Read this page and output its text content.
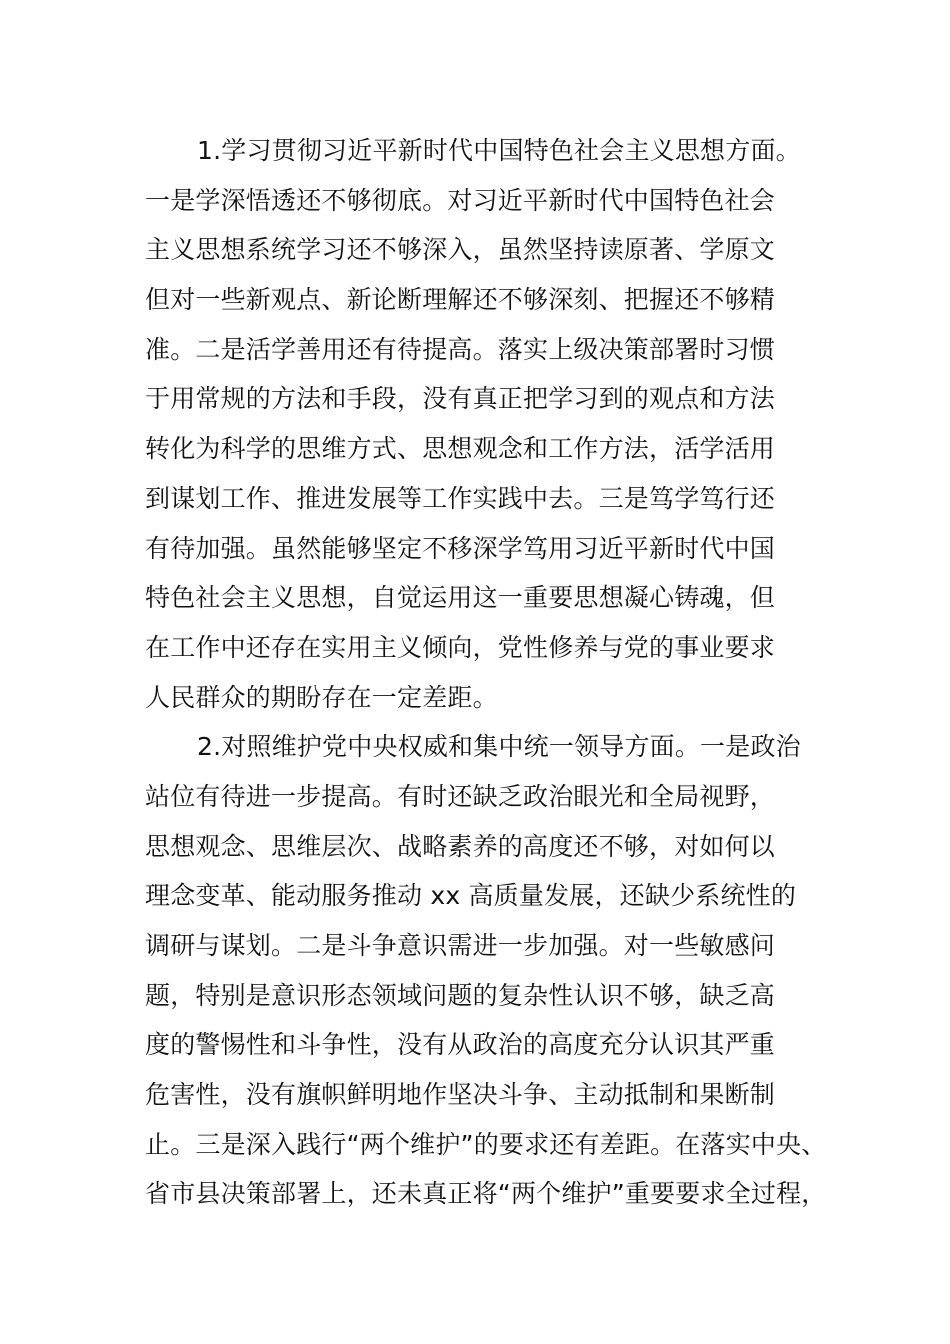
1.学习贯彻习近平新时代中国特色社会主义思想方面。
一是学深悟透还不够彻底。对习近平新时代中国特色社会
主义思想系统学习还不够深入，虽然坚持读原著、学原文
但对一些新观点、新论断理解还不够深刻、把握还不够精
准。二是活学善用还有待提高。落实上级决策部署时习惯
于用常规的方法和手段，没有真正把学习到的观点和方法
转化为科学的思维方式、思想观念和工作方法，活学活用
到谋划工作、推进发展等工作实践中去。三是笃学笃行还
有待加强。虽然能够坚定不移深学笃用习近平新时代中国
特色社会主义思想，自觉运用这一重要思想凝心铸魂，但
在工作中还存在实用主义倾向，党性修养与党的事业要求
人民群众的期盼存在一定差距。
2.对照维护党中央权威和集中统一领导方面。一是政治
站位有待进一步提高。有时还缺乏政治眼光和全局视野，
思想观念、思维层次、战略素养的高度还不够，对如何以
理念变革、能动服务推动 xx 高质量发展，还缺少系统性的
调研与谋划。二是斗争意识需进一步加强。对一些敏感问
题，特别是意识形态领域问题的复杂性认识不够，缺乏高
度的警惕性和斗争性，没有从政治的高度充分认识其严重
危害性，没有旗帜鲜明地作坚决斗争、主动抵制和果断制
止。三是深入践行“两个维护”的要求还有差距。在落实中央、
省市县决策部署上，还未真正将“两个维护”重要要求全过程，
